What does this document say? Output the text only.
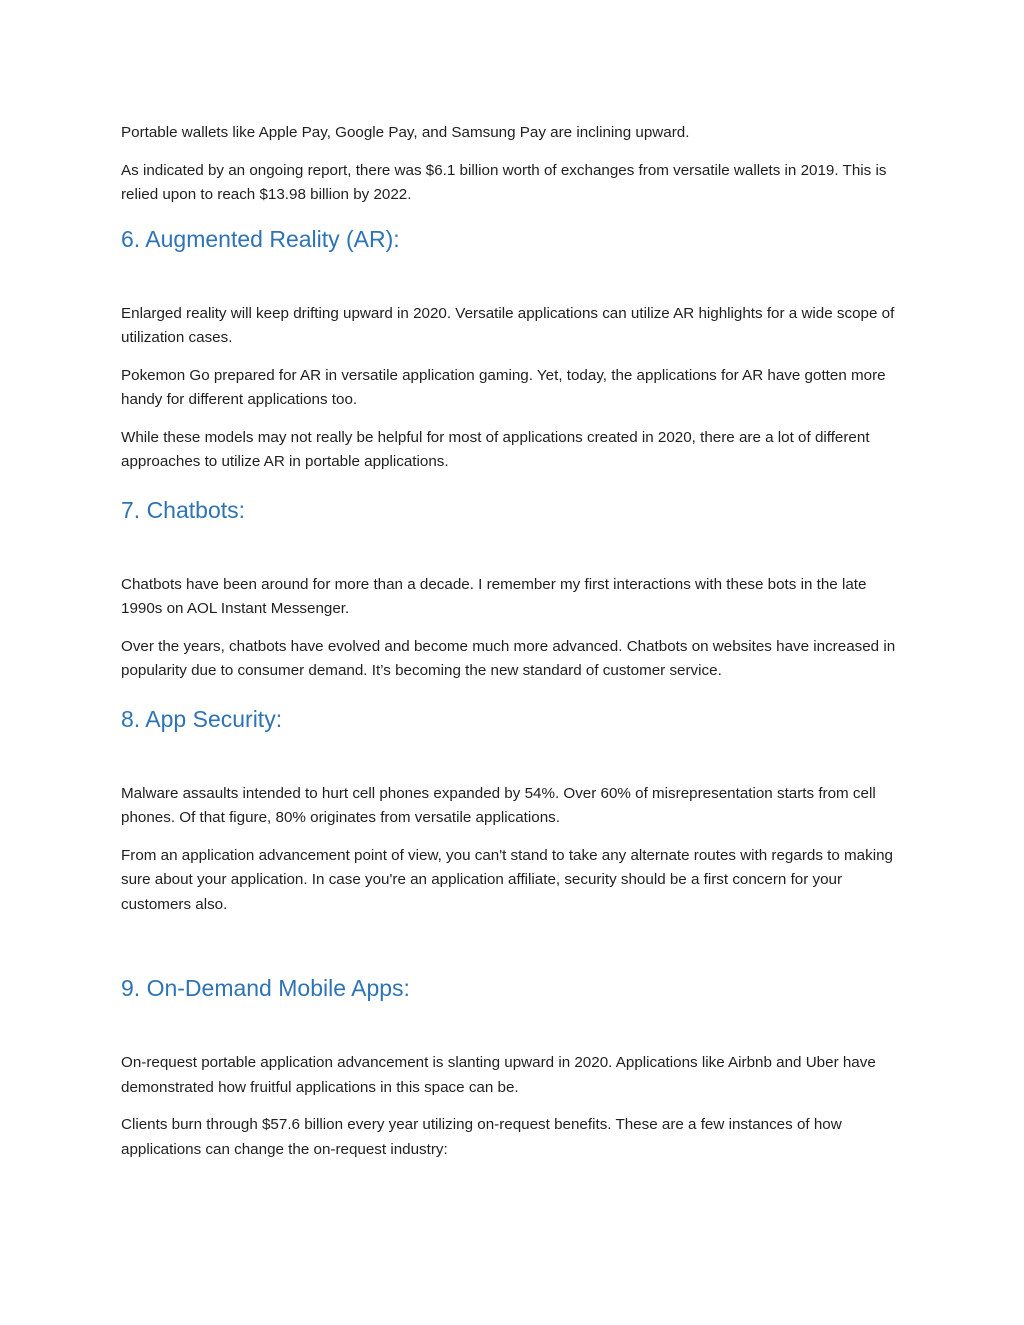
Portable wallets like Apple Pay, Google Pay, and Samsung Pay are inclining upward.

As indicated by an ongoing report, there was $6.1 billion worth of exchanges from versatile wallets in 2019. This is relied upon to reach $13.98 billion by 2022.

6. Augmented Reality (AR):

Enlarged reality will keep drifting upward in 2020. Versatile applications can utilize AR highlights for a wide scope of utilization cases.

Pokemon Go prepared for AR in versatile application gaming. Yet, today, the applications for AR have gotten more handy for different applications too.

While these models may not really be helpful for most of applications created in 2020, there are a lot of different approaches to utilize AR in portable applications.

7. Chatbots:

Chatbots have been around for more than a decade. I remember my first interactions with these bots in the late 1990s on AOL Instant Messenger.

Over the years, chatbots have evolved and become much more advanced. Chatbots on websites have increased in popularity due to consumer demand. It’s becoming the new standard of customer service.

8. App Security:

Malware assaults intended to hurt cell phones expanded by 54%. Over 60% of misrepresentation starts from cell phones. Of that figure, 80% originates from versatile applications.

From an application advancement point of view, you can't stand to take any alternate routes with regards to making sure about your application. In case you're an application affiliate, security should be a first concern for your customers also.

9. On-Demand Mobile Apps:

On-request portable application advancement is slanting upward in 2020. Applications like Airbnb and Uber have demonstrated how fruitful applications in this space can be.

Clients burn through $57.6 billion every year utilizing on-request benefits. These are a few instances of how applications can change the on-request industry:
